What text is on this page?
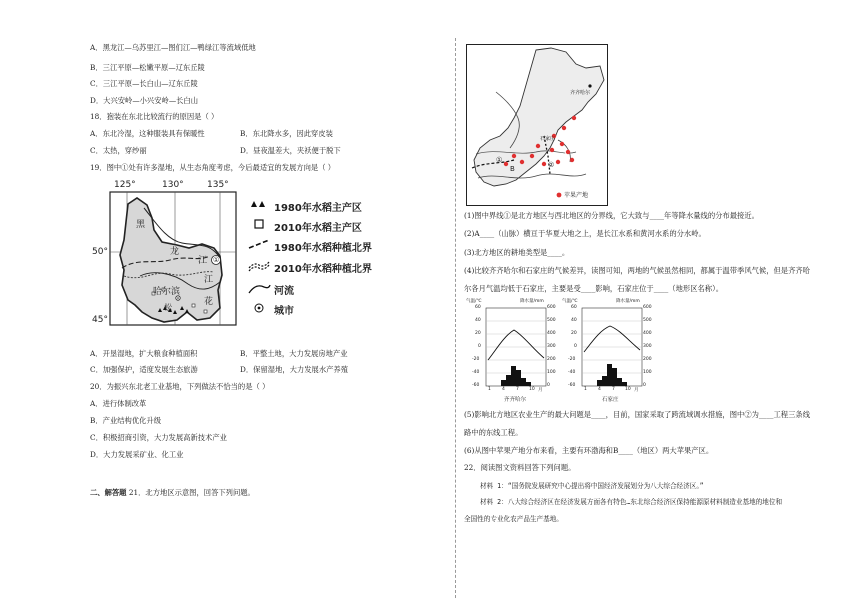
A．黑龙江—乌苏里江—图们江—鸭绿江等流域低地
B．三江平原—松嫩平原—辽东丘陵
C．三江平原—长白山—辽东丘陵
D．大兴安岭—小兴安岭—长白山
18．狍装在东北比较流行的原因是（ ）
A．东北冷湿，这种服装具有保暖性	B．东北降水多，因此穿皮装
C．太热，穿纱丽	D．昼夜温差大，夹袄便于脱下
19．图中①处有许多湿地，从生态角度考虑，今后最适宜的发展方向是（ ）
125°	130°	135°
50°
45°
黑
龙
江 ①
哈尔滨
松
花
江
1980年水稻主产区
2010年水稻主产区
1980年水稻种植北界
2010年水稻种植北界
河流
城市
A．开垦湿地，扩大粮食种植面积	B．平整土地，大力发展房地产业
C．加强保护，适度发展生态旅游	D．保留湿地，大力发展水产养殖
20．为振兴东北老工业基地，下列做法不恰当的是（ ）
A．进行体制改革
B．产业结构优化升级
C．积极招商引资，大力发展高新技术产业
D．大力发展采矿业、化工业
二、解答题 21．北方地区示意图，回答下列问题。
齐齐哈尔
石家庄
①
②
B
苹果产地
(1)图中界线①是北方地区与西北地区的分界线，它大致与____年等降水量线的分布最接近。
(2)A____（山脉）横亘于华夏大地之上，是长江水系和黄河水系的分水岭。
(3)北方地区的耕地类型是____。
(4)比较齐齐哈尔和石家庄的气候差异，读图可知，两地的气候虽然相同，都属于温带季风气候，但是齐齐哈
尔各月气温均低于石家庄，主要是受____影响，石家庄位于____（地形区名称）。
气温/℃	降水量/mm
60
40
20
0
-20
-40
-60
600
500
400
300
200
100
0
1 4 7 10 月
齐齐哈尔
气温/℃	降水量/mm
60
40
20
0
-20
-40
-60
600
500
400
300
200
100
0
1 4 7 10 月
石家庄
(5)影响北方地区农业生产的最大问题是____，目前，国家采取了跨流域调水措施，图中②为____工程三条线
路中的东线工程。
(6)从图中苹果产地分布来看，主要有环渤海和B____（地区）两大苹果产区。
22．阅读图文资料回答下列问题。
材料 1：“国务院发展研究中心提出将中国经济发展划分为八大综合经济区。”
材料 2：八大综合经济区在经济发展方面各有特色…东北综合经济区保持能源原材料制造业基地的地位和
全国性的专业化农产品生产基地。
